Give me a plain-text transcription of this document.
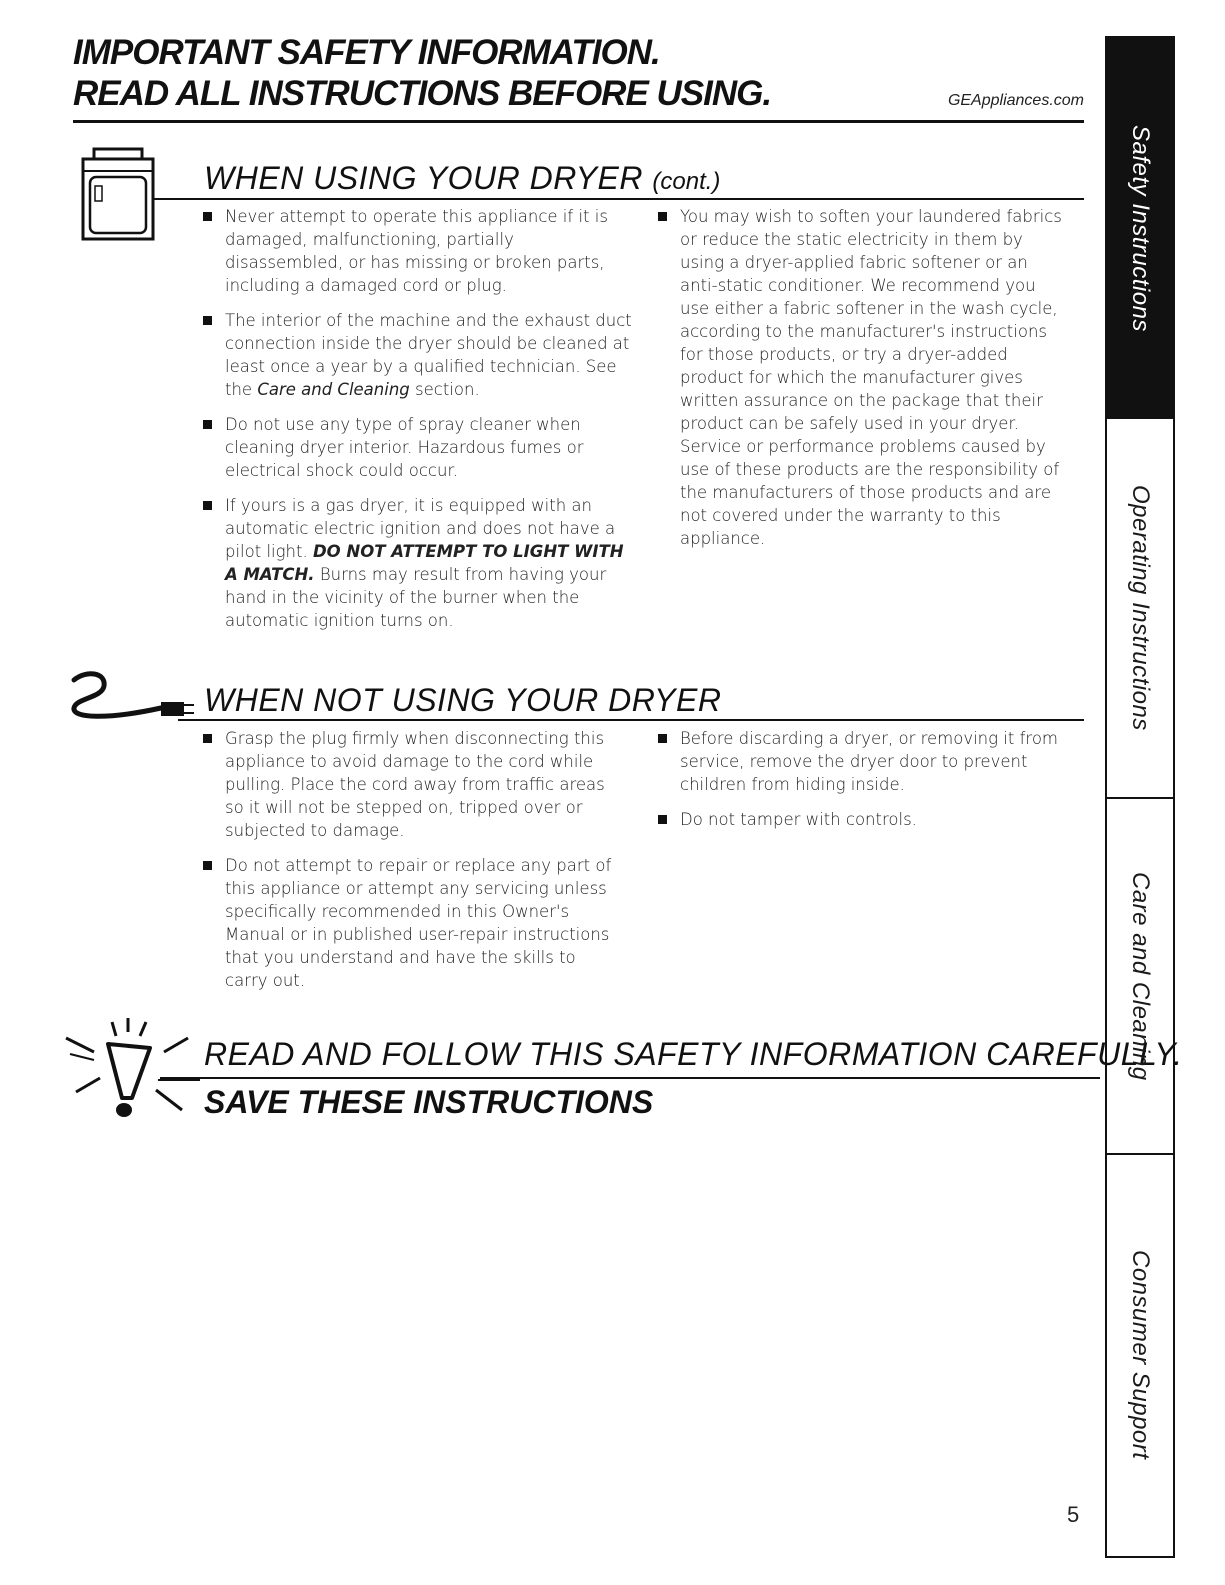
IMPORTANT SAFETY INFORMATION.
READ ALL INSTRUCTIONS BEFORE USING.	GEAppliances.com
WHEN USING YOUR DRYER (cont.)
Never attempt to operate this appliance if it is damaged, malfunctioning, partially disassembled, or has missing or broken parts, including a damaged cord or plug.
The interior of the machine and the exhaust duct connection inside the dryer should be cleaned at least once a year by a qualified technician. See the Care and Cleaning section.
Do not use any type of spray cleaner when cleaning dryer interior. Hazardous fumes or electrical shock could occur.
If yours is a gas dryer, it is equipped with an automatic electric ignition and does not have a pilot light. DO NOT ATTEMPT TO LIGHT WITH A MATCH. Burns may result from having your hand in the vicinity of the burner when the automatic ignition turns on.
You may wish to soften your laundered fabrics or reduce the static electricity in them by using a dryer-applied fabric softener or an anti-static conditioner. We recommend you use either a fabric softener in the wash cycle, according to the manufacturer's instructions for those products, or try a dryer-added product for which the manufacturer gives written assurance on the package that their product can be safely used in your dryer. Service or performance problems caused by use of these products are the responsibility of the manufacturers of those products and are not covered under the warranty to this appliance.
WHEN NOT USING YOUR DRYER
Grasp the plug firmly when disconnecting this appliance to avoid damage to the cord while pulling. Place the cord away from traffic areas so it will not be stepped on, tripped over or subjected to damage.
Do not attempt to repair or replace any part of this appliance or attempt any servicing unless specifically recommended in this Owner's Manual or in published user-repair instructions that you understand and have the skills to carry out.
Before discarding a dryer, or removing it from service, remove the dryer door to prevent children from hiding inside.
Do not tamper with controls.

READ AND FOLLOW THIS SAFETY INFORMATION CAREFULLY.

SAVE THESE INSTRUCTIONS

Safety Instructions
Operating Instructions
Care and Cleaning
Consumer Support
5
